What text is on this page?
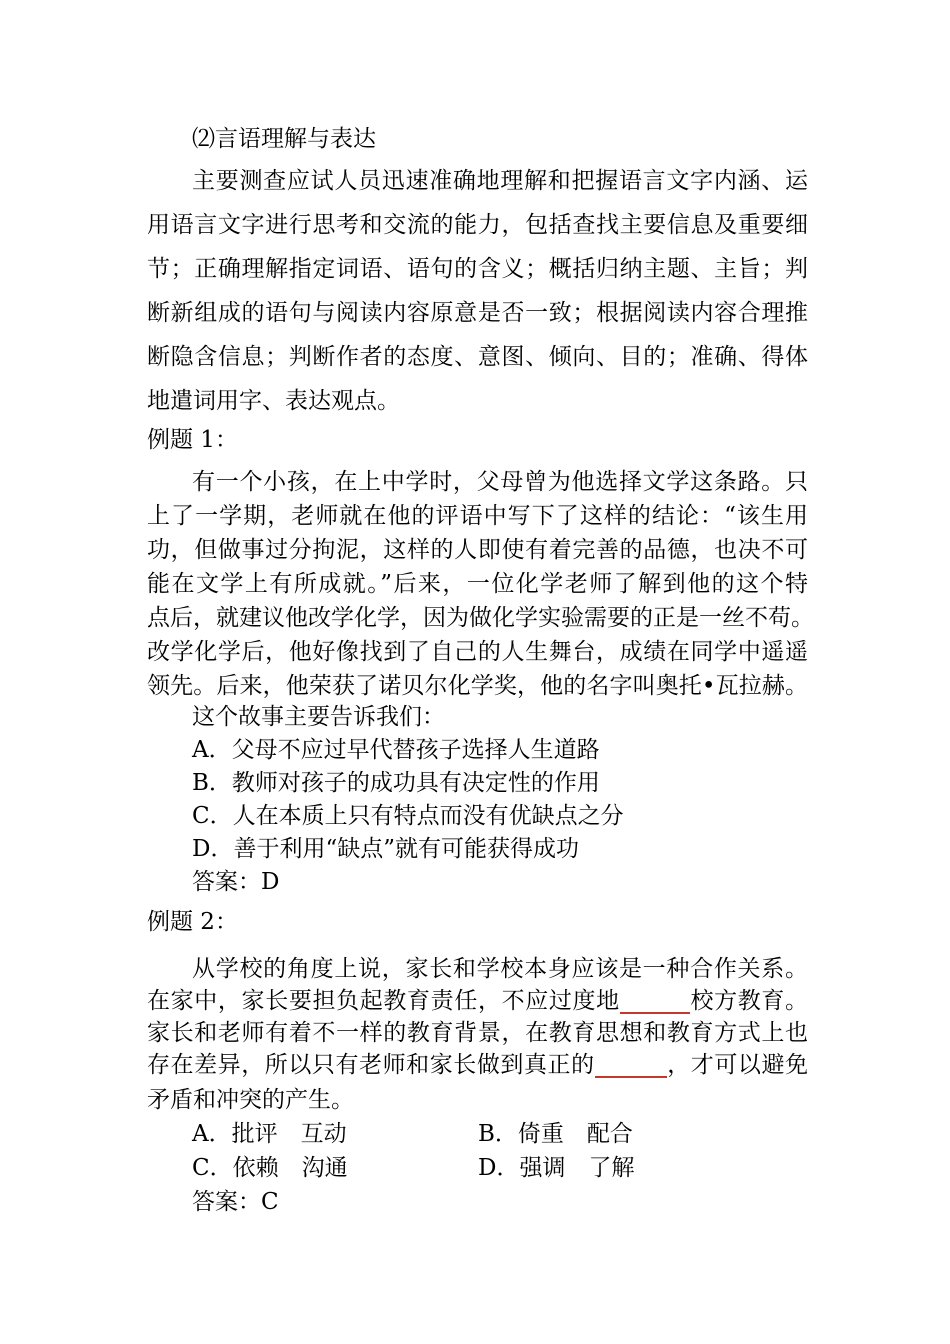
⑵言语理解与表达
主要测查应试人员迅速准确地理解和把握语言文字内涵、运
用语言文字进行思考和交流的能力，包括查找主要信息及重要细
节；正确理解指定词语、语句的含义；概括归纳主题、主旨；判
断新组成的语句与阅读内容原意是否一致；根据阅读内容合理推
断隐含信息；判断作者的态度、意图、倾向、目的；准确、得体
地遣词用字、表达观点。
例题 1：
有一个小孩，在上中学时，父母曾为他选择文学这条路。只
上了一学期，老师就在他的评语中写下了这样的结论：“该生用
功，但做事过分拘泥，这样的人即使有着完善的品德，也决不可
能在文学上有所成就。”后来，一位化学老师了解到他的这个特
点后，就建议他改学化学，因为做化学实验需要的正是一丝不苟。
改学化学后，他好像找到了自己的人生舞台，成绩在同学中遥遥
领先。后来，他荣获了诺贝尔化学奖，他的名字叫奥托•瓦拉赫。
这个故事主要告诉我们：
A．父母不应过早代替孩子选择人生道路
B．教师对孩子的成功具有决定性的作用
C．人在本质上只有特点而没有优缺点之分
D．善于利用“缺点”就有可能获得成功
答案：D
例题 2：
从学校的角度上说，家长和学校本身应该是一种合作关系。
在家中，家长要担负起教育责任，不应过度地	校方教育。
家长和老师有着不一样的教育背景，在教育思想和教育方式上也
存在差异，所以只有老师和家长做到真正的	，才可以避免
矛盾和冲突的产生。
A．批评　互动	B．倚重　配合
C．依赖　沟通	D．强调　了解
答案：C
